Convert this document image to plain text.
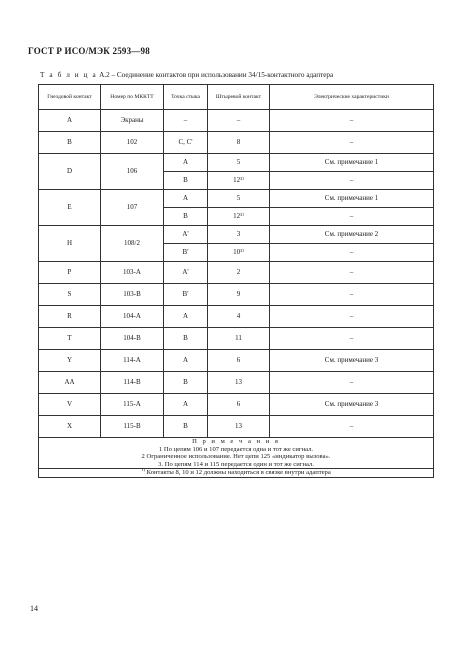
ГОСТ Р ИСО/МЭК 2593—98
Т а б л и ц а А.2 – Соединение контактов при использовании 34/15-контактного адаптера
Гнездовой контакт	Номер по МККТТ	Точка стыка	Штыревой контакт	Электрические характеристики
A	Экраны	–	–	–
B	102	С, С'	8	–
D	106	A	5	См. примечание 1
		B	12¹⁾	–
E	107	A	5	См. примечание 1
		B	12¹⁾	–
H	108/2	A'	3	См. примечание 2
		B'	10¹⁾	–
P	103-A	A'	2	–
S	103-B	B'	9	–
R	104-A	A	4	–
T	104-B	B	11	–
Y	114-A	A	6	См. примечание 3
AA	114-B	B	13	–
V	115-A	A	6	См. примечание 3
X	115-B	B	13	–

П р и м е ч а н и я
1 По цепям 106 и 107 передается одна и тот же сигнал.
2 Ограниченное использование. Нет цепи 125 «индикатор вызова».
3. По цепям 114 и 115 передается один и тот же сигнал.				

$^{1)}$ Контакты 8, 10 и 12 должны находиться в связке внутри адаптера				
14
